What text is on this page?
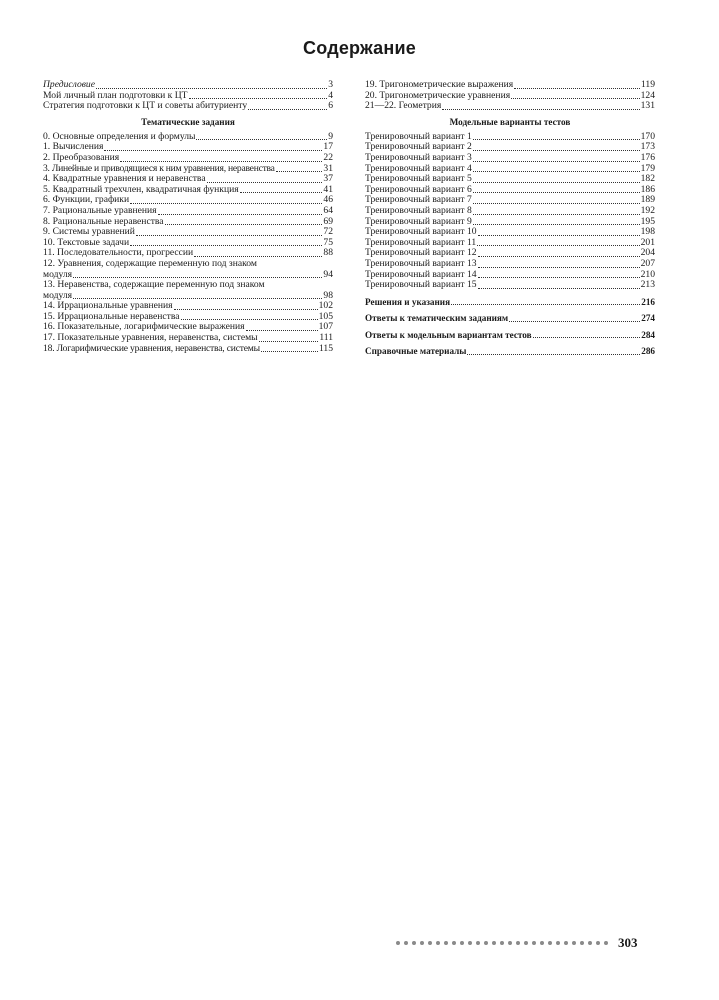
Содержание
Предисловие	3
Мой личный план подготовки к ЦТ	4
Стратегия подготовки к ЦТ и советы абитуриенту	6
Тематические задания
0. Основные определения и формулы	9
1. Вычисления	17
2. Преобразования	22
3. Линейные и приводящиеся к ним уравнения, неравенства	31
4. Квадратные уравнения и неравенства	37
5. Квадратный трехчлен, квадратичная функция	41
6. Функции, графики	46
7. Рациональные уравнения	64
8. Рациональные неравенства	69
9. Системы уравнений	72
10. Текстовые задачи	75
11. Последовательности, прогрессии	88
12. Уравнения, содержащие переменную под знаком
модуля	94
13. Неравенства, содержащие переменную под знаком
модуля	98
14. Иррациональные уравнения	102
15. Иррациональные неравенства	105
16. Показательные, логарифмические выражения	107
17. Показательные уравнения, неравенства, системы	111
18. Логарифмические уравнения, неравенства, системы	115
19. Тригонометрические выражения	119
20. Тригонометрические уравнения	124
21—22. Геометрия	131
Модельные варианты тестов
Тренировочный вариант 1	170
Тренировочный вариант 2	173
Тренировочный вариант 3	176
Тренировочный вариант 4	179
Тренировочный вариант 5	182
Тренировочный вариант 6	186
Тренировочный вариант 7	189
Тренировочный вариант 8	192
Тренировочный вариант 9	195
Тренировочный вариант 10	198
Тренировочный вариант 11	201
Тренировочный вариант 12	204
Тренировочный вариант 13	207
Тренировочный вариант 14	210
Тренировочный вариант 15	213
Решения и указания	216
Ответы к тематическим заданиям	274
Ответы к модельным вариантам тестов	284
Справочные материалы	286
303
